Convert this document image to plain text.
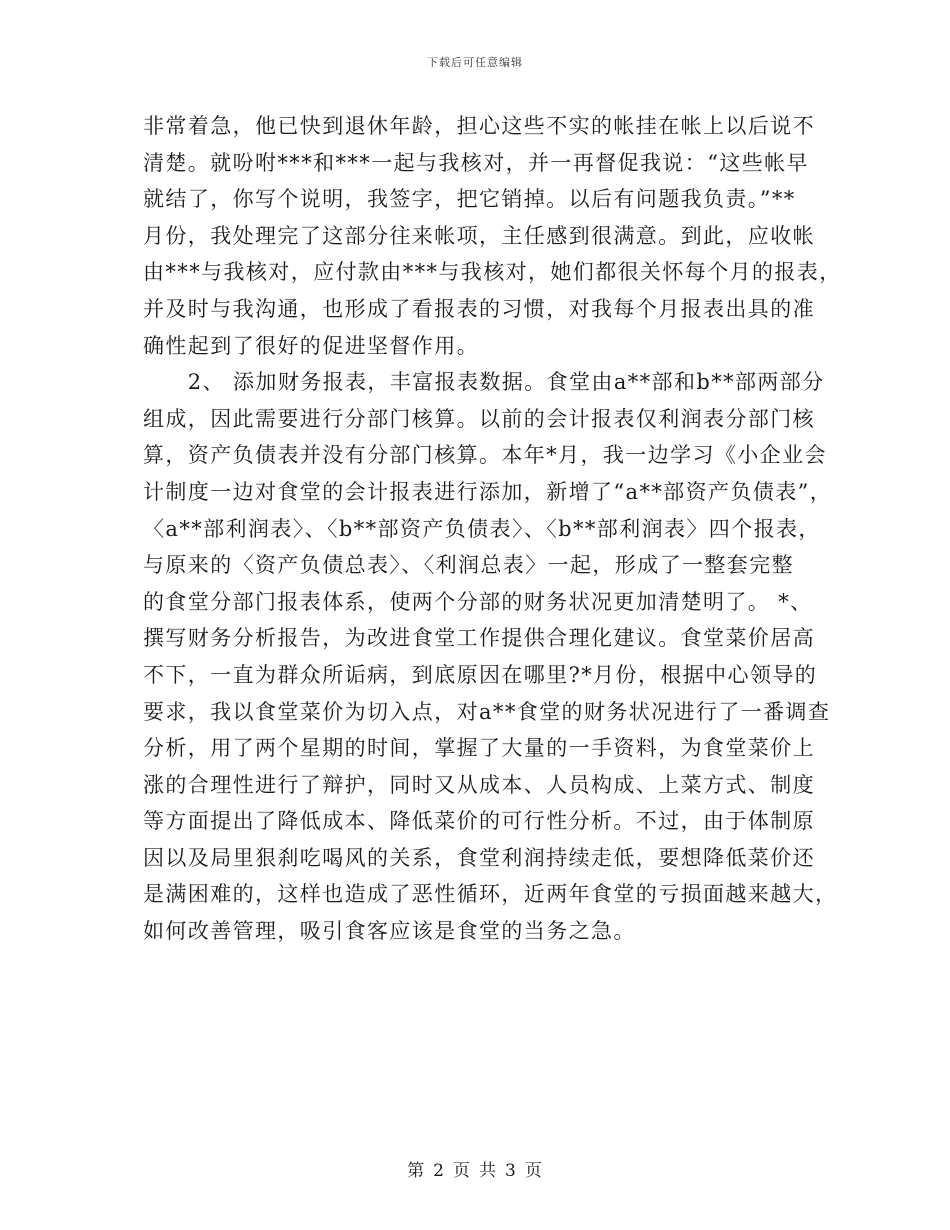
下载后可任意编辑
非常着急，他已快到退休年龄，担心这些不实的帐挂在帐上以后说不
清楚。就吩咐***和***一起与我核对，并一再督促我说：“这些帐早
就结了，你写个说明，我签字，把它销掉。以后有问题我负责。”**
月份，我处理完了这部分往来帐项，主任感到很满意。到此，应收帐
由***与我核对，应付款由***与我核对，她们都很关怀每个月的报表，
并及时与我沟通，也形成了看报表的习惯，对我每个月报表出具的准
确性起到了很好的促进坚督作用。
　　2、 添加财务报表，丰富报表数据。食堂由a**部和b**部两部分
组成，因此需要进行分部门核算。以前的会计报表仅利润表分部门核
算，资产负债表并没有分部门核算。本年*月，我一边学习《小企业会
计制度一边对食堂的会计报表进行添加，新增了“a**部资产负债表”，
〈a**部利润表〉、〈b**部资产负债表〉、〈b**部利润表〉四个报表，
与原来的〈资产负债总表〉、〈利润总表〉一起，形成了一整套完整
的食堂分部门报表体系，使两个分部的财务状况更加清楚明了。 *、
撰写财务分析报告，为改进食堂工作提供合理化建议。食堂菜价居高
不下，一直为群众所诟病，到底原因在哪里?*月份，根据中心领导的
要求，我以食堂菜价为切入点，对a**食堂的财务状况进行了一番调查
分析，用了两个星期的时间，掌握了大量的一手资料，为食堂菜价上
涨的合理性进行了辩护，同时又从成本、人员构成、上菜方式、制度
等方面提出了降低成本、降低菜价的可行性分析。不过，由于体制原
因以及局里狠刹吃喝风的关系，食堂利润持续走低，要想降低菜价还
是满困难的，这样也造成了恶性循环，近两年食堂的亏损面越来越大，
如何改善管理，吸引食客应该是食堂的当务之急。
第 2 页 共 3 页
